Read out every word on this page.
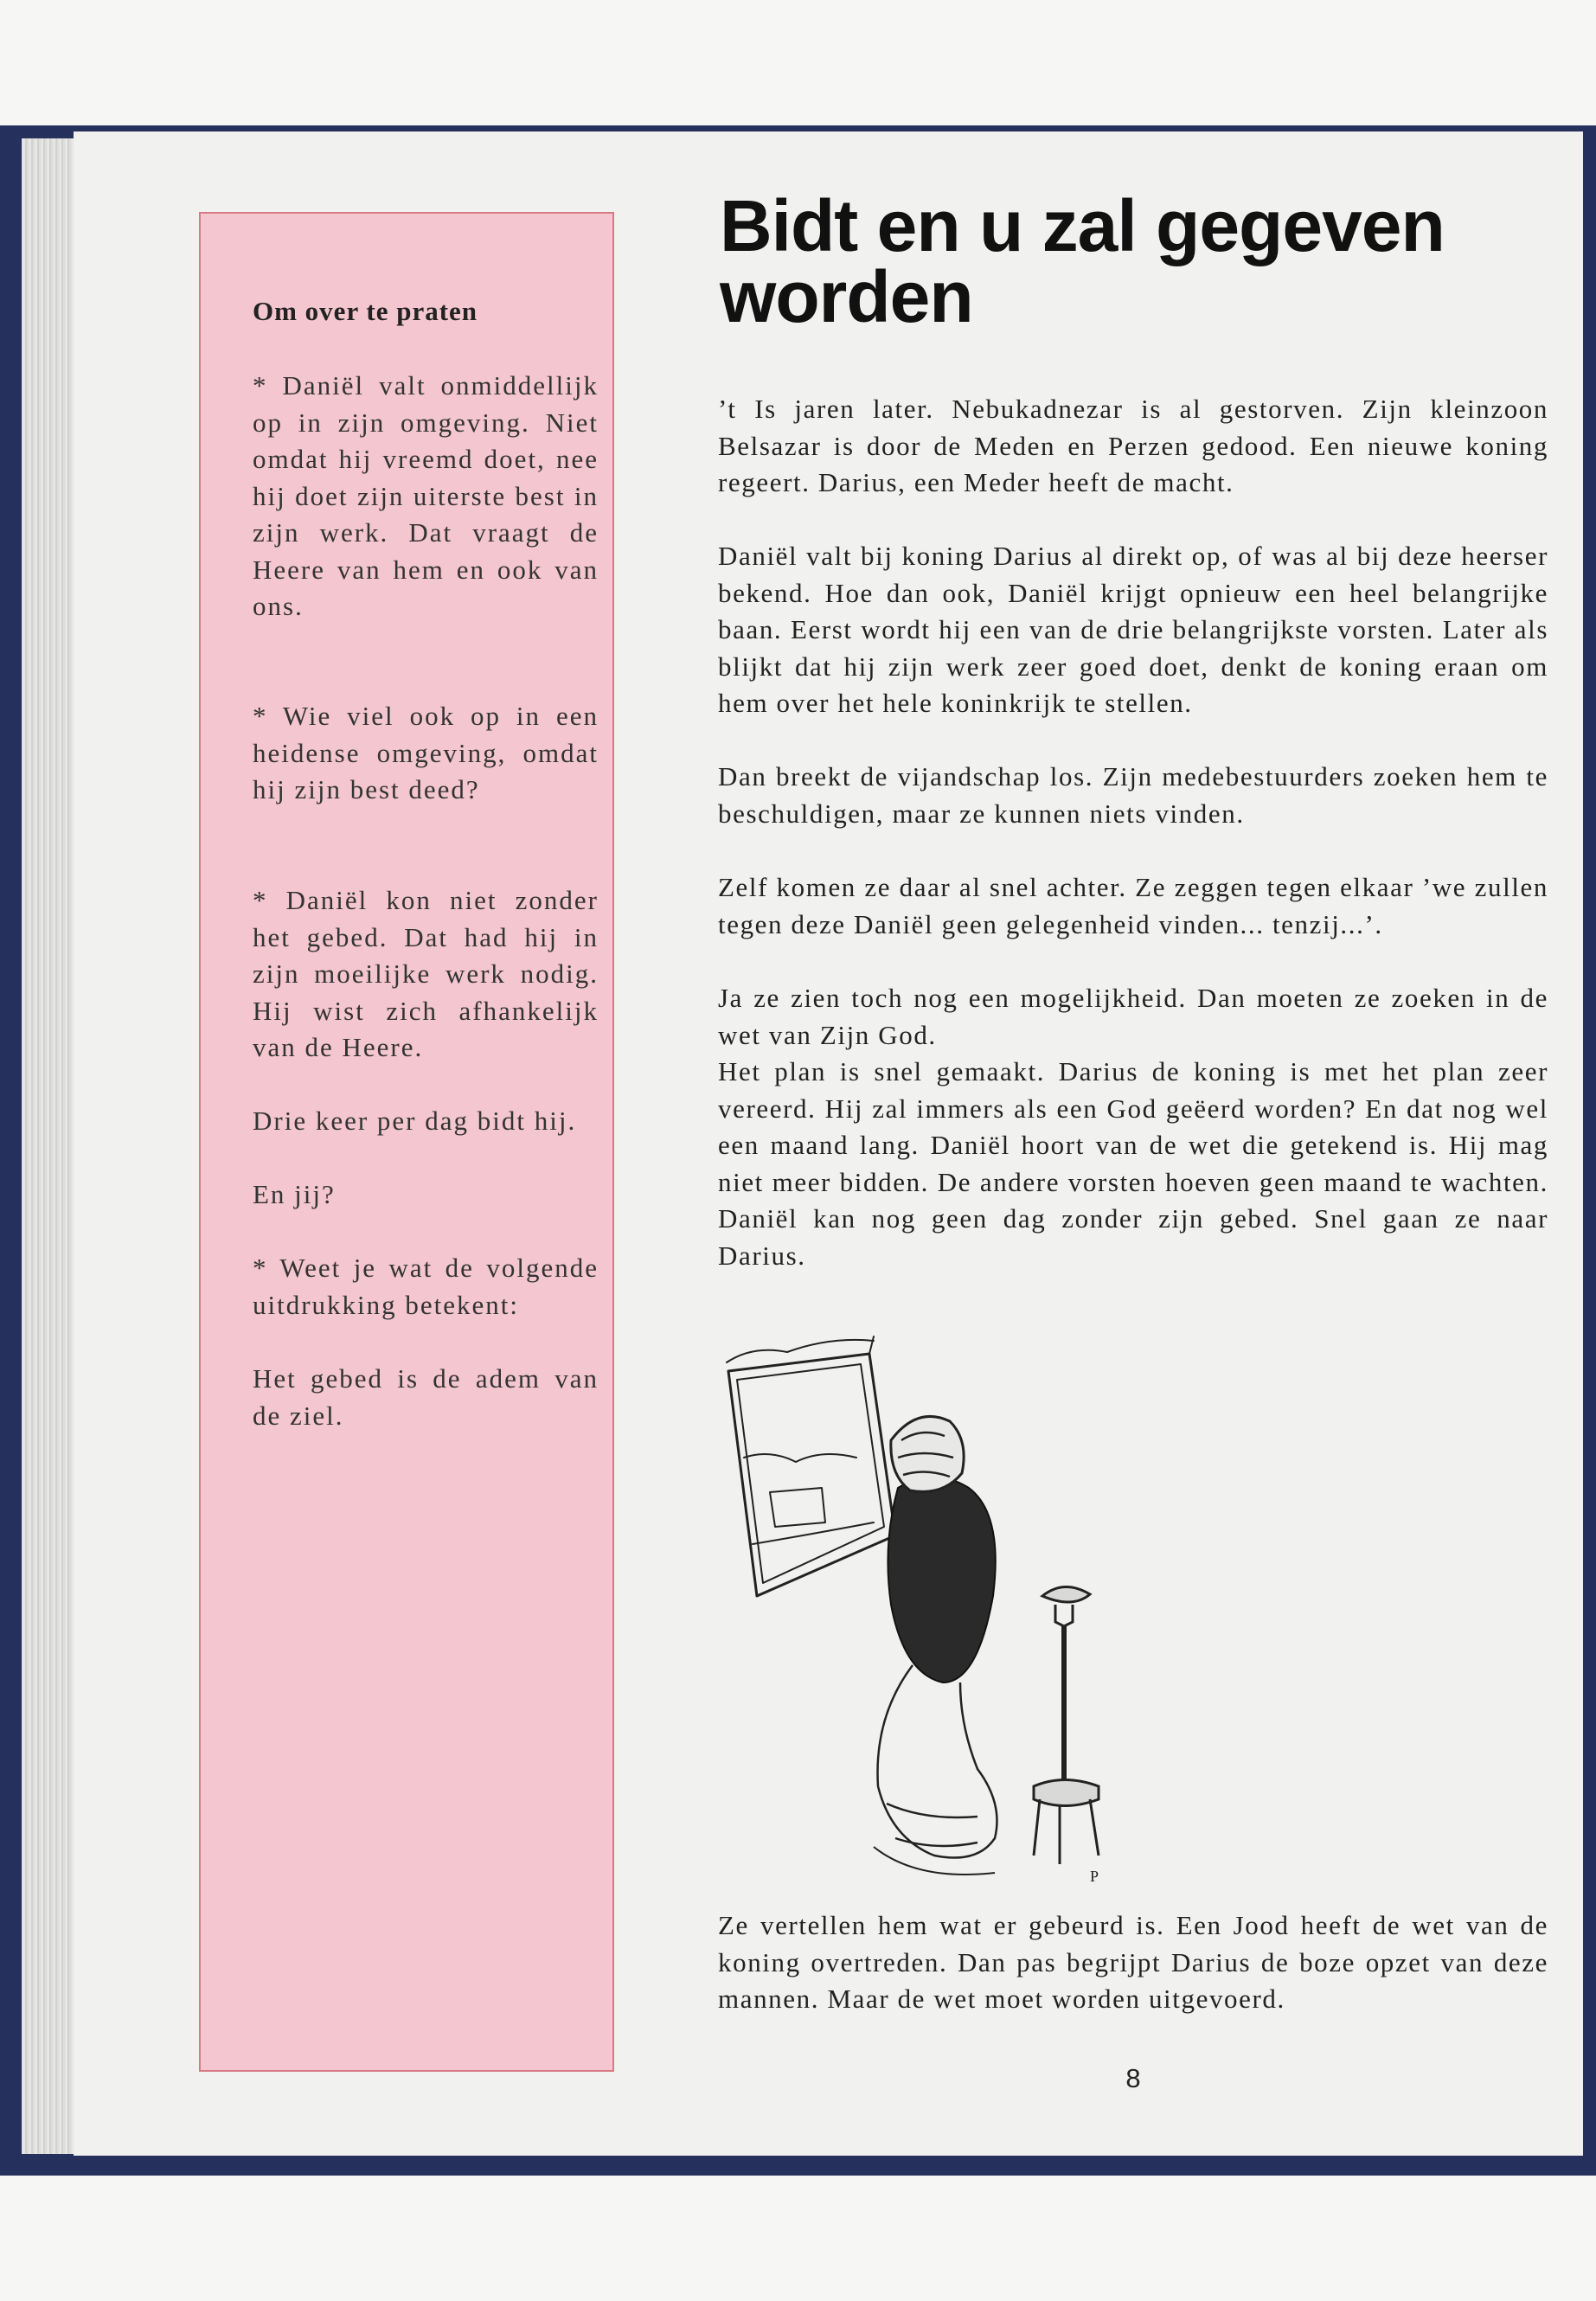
Om over te praten

* Daniël valt onmiddellijk op in zijn omgeving. Niet omdat hij vreemd doet, nee hij doet zijn uiterste best in zijn werk. Dat vraagt de Heere van hem en ook van ons.

* Wie viel ook op in een heidense omgeving, omdat hij zijn best deed?

* Daniël kon niet zonder het gebed. Dat had hij in zijn moeilijke werk nodig. Hij wist zich afhankelijk van de Heere.

Drie keer per dag bidt hij.

En jij?

* Weet je wat de volgende uitdrukking betekent:

Het gebed is de adem van de ziel.

Bidt en u zal gegeven worden

’t Is jaren later. Nebukadnezar is al gestorven. Zijn kleinzoon Belsazar is door de Meden en Perzen gedood. Een nieuwe koning regeert. Darius, een Meder heeft de macht.

Daniël valt bij koning Darius al direkt op, of was al bij deze heerser bekend. Hoe dan ook, Daniël krijgt opnieuw een heel belangrijke baan. Eerst wordt hij een van de drie belangrijkste vorsten. Later als blijkt dat hij zijn werk zeer goed doet, denkt de koning eraan om hem over het hele koninkrijk te stellen.

Dan breekt de vijandschap los. Zijn medebestuurders zoeken hem te beschuldigen, maar ze kunnen niets vinden.

Zelf komen ze daar al snel achter. Ze zeggen tegen elkaar ’we zullen tegen deze Daniël geen gelegenheid vinden... tenzij...’.

Ja ze zien toch nog een mogelijkheid. Dan moeten ze zoeken in de wet van Zijn God.

Het plan is snel gemaakt. Darius de koning is met het plan zeer vereerd. Hij zal immers als een God geëerd worden? En dat nog wel een maand lang. Daniël hoort van de wet die getekend is. Hij mag niet meer bidden. De andere vorsten hoeven geen maand te wachten. Daniël kan nog geen dag zonder zijn gebed. Snel gaan ze naar Darius.

P

Ze vertellen hem wat er gebeurd is. Een Jood heeft de wet van de koning overtreden. Dan pas begrijpt Darius de boze opzet van deze mannen. Maar de wet moet worden uitgevoerd.

8
